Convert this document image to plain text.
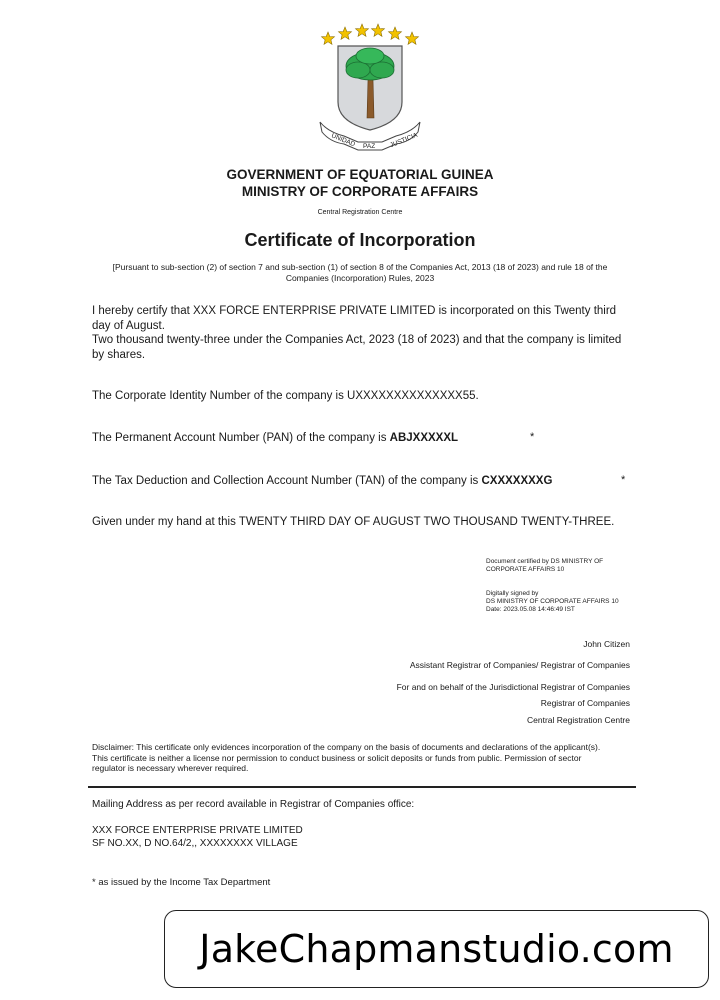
UNIDAD PAZ JUSTICIA
GOVERNMENT OF EQUATORIAL GUINEA
MINISTRY OF CORPORATE AFFAIRS
Central Registration Centre
Certificate of Incorporation
[Pursuant to sub-section (2) of section 7 and sub-section (1) of section 8 of the Companies Act, 2013 (18 of 2023) and rule 18 of the Companies (Incorporation) Rules, 2023
I hereby certify that XXX FORCE ENTERPRISE PRIVATE LIMITED is incorporated on this Twenty third day of August.
Two thousand twenty-three under the Companies Act, 2023 (18 of 2023) and that the company is limited by shares.
The Corporate Identity Number of the company is UXXXXXXXXXXXXXX55.
The Permanent Account Number (PAN) of the company is ABJXXXXXL	*
The Tax Deduction and Collection Account Number (TAN) of the company is CXXXXXXXG	*
Given under my hand at this TWENTY THIRD DAY OF AUGUST TWO THOUSAND TWENTY-THREE.
Document certified by DS MINISTRY OF CORPORATE AFFAIRS 10
Digitally signed by
DS MINISTRY OF CORPORATE AFFAIRS 10
Date: 2023.05.08 14:46:49 IST
John Citizen
Assistant Registrar of Companies/ Registrar of Companies
For and on behalf of the Jurisdictional Registrar of Companies
Registrar of Companies
Central Registration Centre
Disclaimer: This certificate only evidences incorporation of the company on the basis of documents and declarations of the applicant(s). This certificate is neither a license nor permission to conduct business or solicit deposits or funds from public. Permission of sector regulator is necessary wherever required.
Mailing Address as per record available in Registrar of Companies office:
XXX FORCE ENTERPRISE PRIVATE LIMITED
SF NO.XX, D NO.64/2,, XXXXXXXX VILLAGE
* as issued by the Income Tax Department
JakeChapmanstudio.com
